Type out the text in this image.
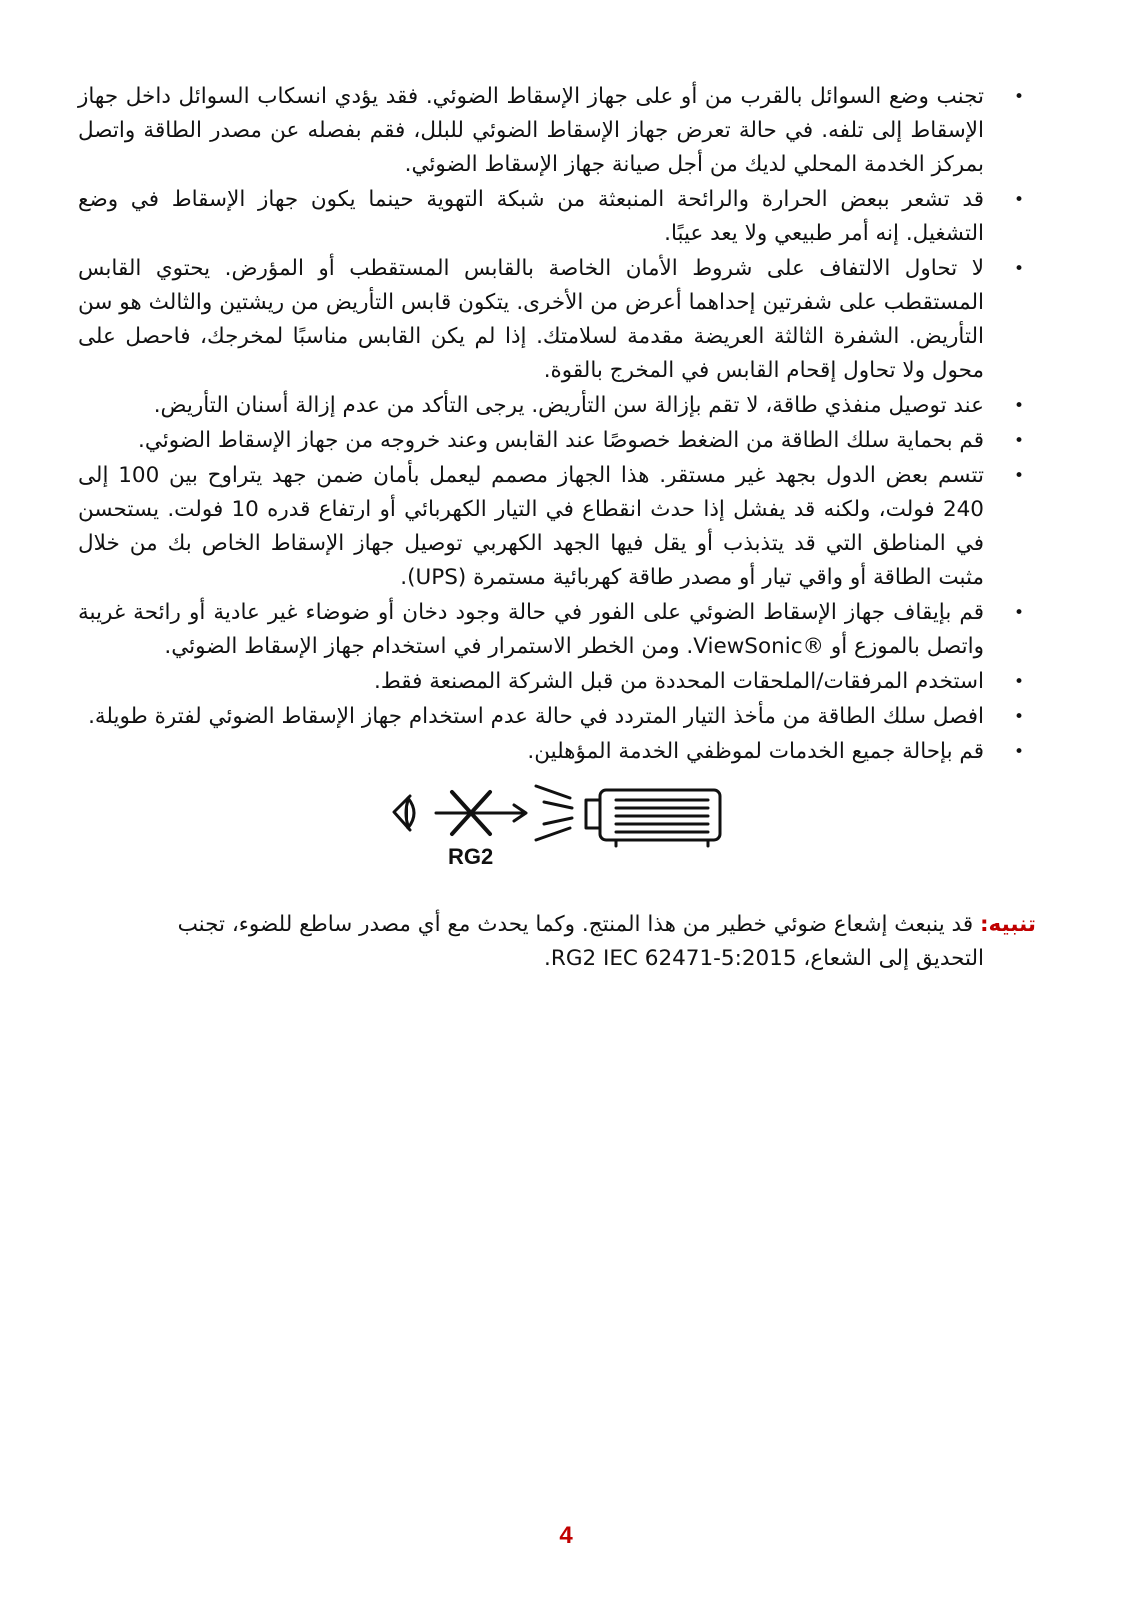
•
تجنب وضع السوائل بالقرب من أو على جهاز الإسقاط الضوئي. فقد يؤدي انسكاب السوائل داخل جهاز الإسقاط إلى تلفه. في حالة تعرض جهاز الإسقاط الضوئي للبلل، فقم بفصله عن مصدر الطاقة واتصل بمركز الخدمة المحلي لديك من أجل صيانة جهاز الإسقاط الضوئي.
•
قد تشعر ببعض الحرارة والرائحة المنبعثة من شبكة التهوية حينما يكون جهاز الإسقاط في وضع التشغيل. إنه أمر طبيعي ولا يعد عيبًا.
•
لا تحاول الالتفاف على شروط الأمان الخاصة بالقابس المستقطب أو المؤرض. يحتوي القابس المستقطب على شفرتين إحداهما أعرض من الأخرى. يتكون قابس التأريض من ريشتين والثالث هو سن التأريض. الشفرة الثالثة العريضة مقدمة لسلامتك. إذا لم يكن القابس مناسبًا لمخرجك، فاحصل على محول ولا تحاول إقحام القابس في المخرج بالقوة.
•
عند توصيل منفذي طاقة، لا تقم بإزالة سن التأريض. يرجى التأكد من عدم إزالة أسنان التأريض.
•
قم بحماية سلك الطاقة من الضغط خصوصًا عند القابس وعند خروجه من جهاز الإسقاط الضوئي.
•
تتسم بعض الدول بجهد غير مستقر. هذا الجهاز مصمم ليعمل بأمان ضمن جهد يتراوح بين 100 إلى 240 فولت، ولكنه قد يفشل إذا حدث انقطاع في التيار الكهربائي أو ارتفاع قدره 10 فولت. يستحسن في المناطق التي قد يتذبذب أو يقل فيها الجهد الكهربي توصيل جهاز الإسقاط الخاص بك من خلال مثبت الطاقة أو واقي تيار أو مصدر طاقة كهربائية مستمرة (UPS).
•
قم بإيقاف جهاز الإسقاط الضوئي على الفور في حالة وجود دخان أو ضوضاء غير عادية أو رائحة غريبة واتصل بالموزع أو ®ViewSonic. ومن الخطر الاستمرار في استخدام جهاز الإسقاط الضوئي.
•
استخدم المرفقات/الملحقات المحددة من قبل الشركة المصنعة فقط.
•
افصل سلك الطاقة من مأخذ التيار المتردد في حالة عدم استخدام جهاز الإسقاط الضوئي لفترة طويلة.
•
قم بإحالة جميع الخدمات لموظفي الخدمة المؤهلين.
RG2
تنبيه: قد ينبعث إشعاع ضوئي خطير من هذا المنتج. وكما يحدث مع أي مصدر ساطع للضوء، تجنب
التحديق إلى الشعاع، RG2 IEC 62471-5:2015.
4
